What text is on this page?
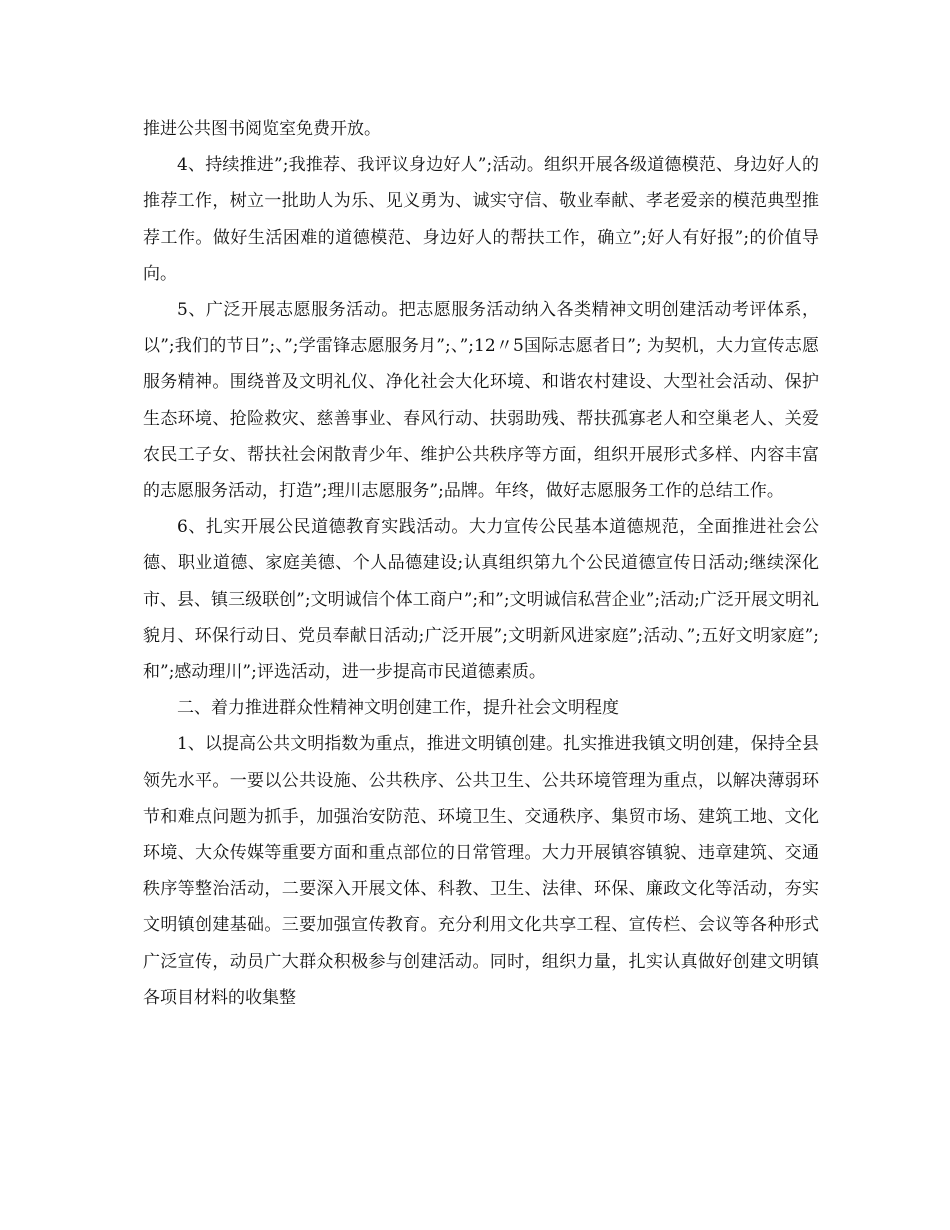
推进公共图书阅览室免费开放。

4、持续推进”;我推荐、我评议身边好人”;活动。组织开展各级道德模范、身边好人的推荐工作，树立一批助人为乐、见义勇为、诚实守信、敬业奉献、孝老爱亲的模范典型推荐工作。做好生活困难的道德模范、身边好人的帮扶工作，确立”;好人有好报”;的价值导向。

5、广泛开展志愿服务活动。把志愿服务活动纳入各类精神文明创建活动考评体系，以”;我们的节日”;、”;学雷锋志愿服务月”;、”;12〃5国际志愿者日”; 为契机，大力宣传志愿服务精神。围绕普及文明礼仪、净化社会大化环境、和谐农村建设、大型社会活动、保护生态环境、抢险救灾、慈善事业、春风行动、扶弱助残、帮扶孤寡老人和空巢老人、关爱农民工子女、帮扶社会闲散青少年、维护公共秩序等方面，组织开展形式多样、内容丰富的志愿服务活动，打造”;理川志愿服务”;品牌。年终，做好志愿服务工作的总结工作。

6、扎实开展公民道德教育实践活动。大力宣传公民基本道德规范，全面推进社会公德、职业道德、家庭美德、个人品德建设;认真组织第九个公民道德宣传日活动;继续深化市、县、镇三级联创”;文明诚信个体工商户”;和”;文明诚信私营企业”;活动;广泛开展文明礼貌月、环保行动日、党员奉献日活动;广泛开展”;文明新风进家庭”;活动、”;五好文明家庭”;和”;感动理川”;评选活动，进一步提高市民道德素质。

二、着力推进群众性精神文明创建工作，提升社会文明程度

1、以提高公共文明指数为重点，推进文明镇创建。扎实推进我镇文明创建，保持全县领先水平。一要以公共设施、公共秩序、公共卫生、公共环境管理为重点，以解决薄弱环节和难点问题为抓手，加强治安防范、环境卫生、交通秩序、集贸市场、建筑工地、文化环境、大众传媒等重要方面和重点部位的日常管理。大力开展镇容镇貌、违章建筑、交通秩序等整治活动，二要深入开展文体、科教、卫生、法律、环保、廉政文化等活动，夯实文明镇创建基础。三要加强宣传教育。充分利用文化共享工程、宣传栏、会议等各种形式广泛宣传，动员广大群众积极参与创建活动。同时，组织力量，扎实认真做好创建文明镇各项目材料的收集整
